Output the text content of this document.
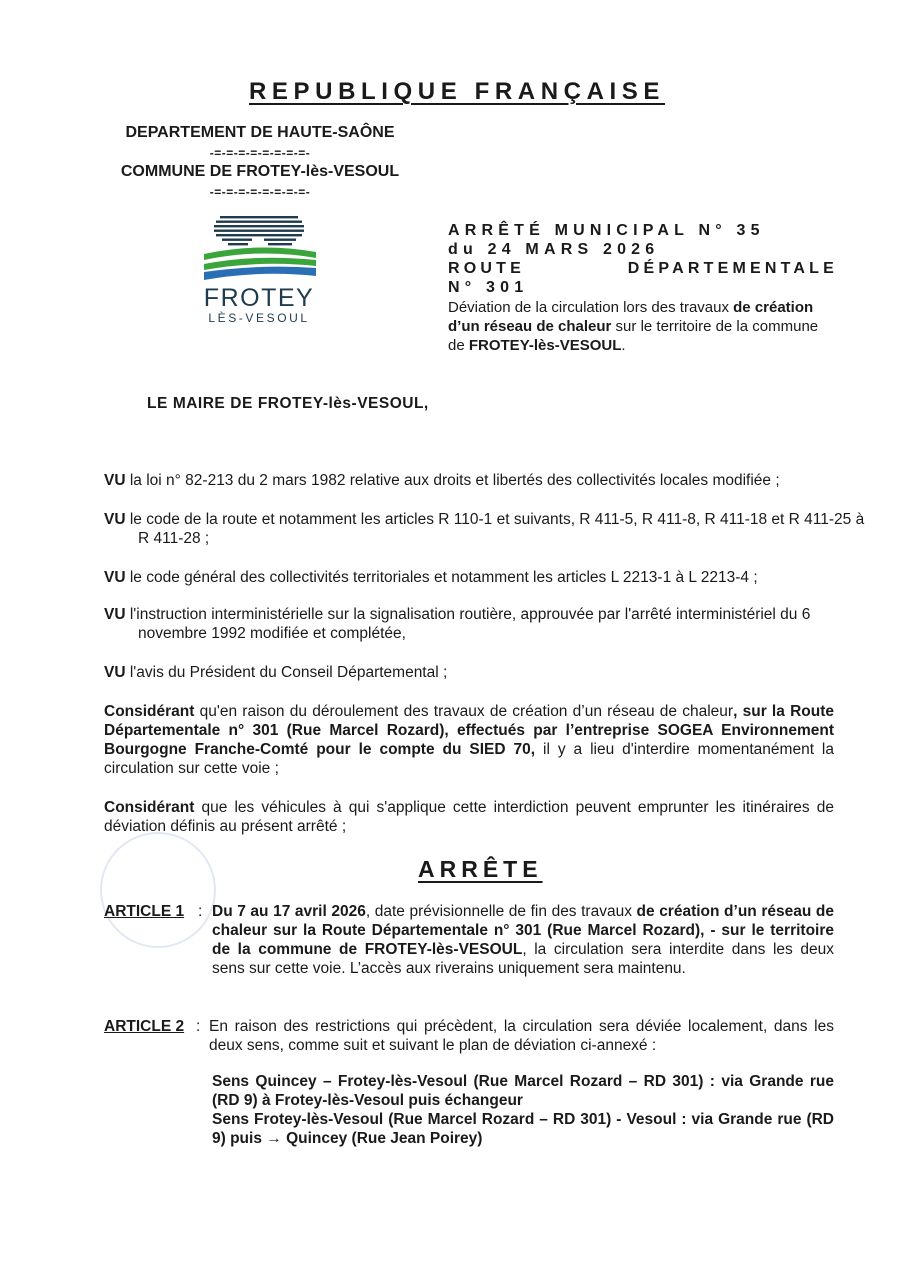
REPUBLIQUE FRANÇAISE
DEPARTEMENT DE HAUTE-SAÔNE
-=-=-=-=-=-=-=-=-
COMMUNE DE FROTEY-lès-VESOUL
-=-=-=-=-=-=-=-=-
FROTEY
LÈS-VESOUL
ARRÊTÉ MUNICIPAL N° 35
du 24 MARS 2026
ROUTE DÉPARTEMENTALE
N° 301
Déviation de la circulation lors des travaux de création d’un réseau de chaleur sur le territoire de la commune de FROTEY-lès-VESOUL.
LE MAIRE DE FROTEY-lès-VESOUL,
VU la loi n° 82-213 du 2 mars 1982 relative aux droits et libertés des collectivités locales modifiée ;
VU le code de la route et notamment les articles R 110-1 et suivants, R 411-5, R 411-8, R 411-18 et R 411-25 à R 411-28 ;
VU le code général des collectivités territoriales et notamment les articles L 2213-1 à L 2213-4 ;
VU l'instruction interministérielle sur la signalisation routière, approuvée par l'arrêté interministériel du 6 novembre 1992 modifiée et complétée,
VU l'avis du Président du Conseil Départemental ;
Considérant qu'en raison du déroulement des travaux de création d’un réseau de chaleur, sur la Route Départementale n° 301 (Rue Marcel Rozard), effectués par l’entreprise SOGEA Environnement Bourgogne Franche-Comté pour le compte du SIED 70, il y a lieu d'interdire momentanément la circulation sur cette voie ;
Considérant que les véhicules à qui s'applique cette interdiction peuvent emprunter les itinéraires de déviation définis au présent arrêté ;
ARRÊTE
ARTICLE 1 : Du 7 au 17 avril 2026, date prévisionnelle de fin des travaux de création d’un réseau de chaleur sur la Route Départementale n° 301 (Rue Marcel Rozard), - sur le territoire de la commune de FROTEY-lès-VESOUL, la circulation sera interdite dans les deux sens sur cette voie. L’accès aux riverains uniquement sera maintenu.
ARTICLE 2 : En raison des restrictions qui précèdent, la circulation sera déviée localement, dans les deux sens, comme suit et suivant le plan de déviation ci-annexé :
Sens Quincey – Frotey-lès-Vesoul (Rue Marcel Rozard – RD 301) : via Grande rue (RD 9) à Frotey-lès-Vesoul puis échangeur
Sens Frotey-lès-Vesoul (Rue Marcel Rozard – RD 301) - Vesoul : via Grande rue (RD 9) puis → Quincey (Rue Jean Poirey)
